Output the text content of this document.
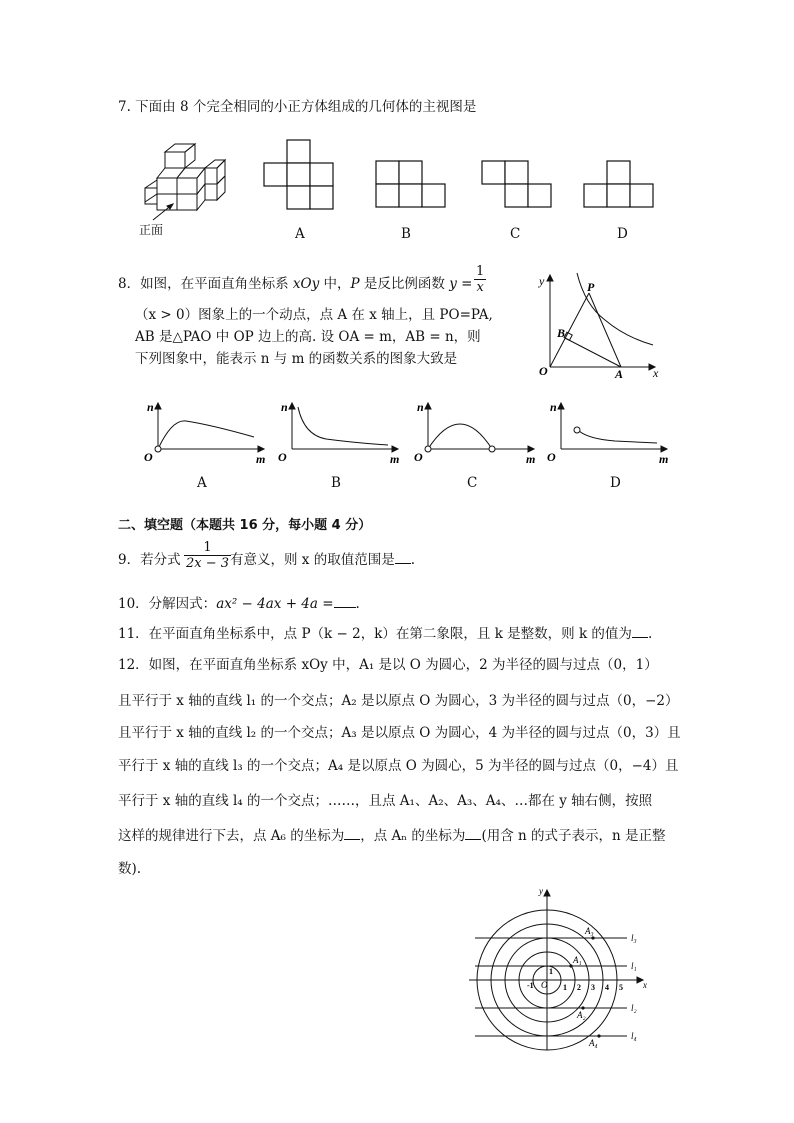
7. 下面由 8 个完全相同的小正方体组成的几何体的主视图是
正面	A	B	C	D
8．如图，在平面直角坐标系 xOy 中，P 是反比例函数 $y = \frac{1}{x}$
（x > 0）图象上的一个动点，点 A 在 x 轴上，且 PO=PA,
AB 是△PAO 中 OP 边上的高. 设 OA = m，AB = n，则
下列图象中，能表示 n 与 m 的函数关系的图象大致是
y
x
O
P
A
B
n
m
O
n
m
O
n
m
O
n
m
O
A	B	C	D
二、填空题（本题共 16 分，每小题 4 分）
9．若分式 $\frac{1}{2x - 3}$
有意义，则 x 的取值范围是 .
10．分解因式：ax² − 4ax + 4a = .
11．在平面直角坐标系中，点 P（k − 2，k）在第二象限，且 k 是整数，则 k 的值为 .
12．如图，在平面直角坐标系 xOy 中，A₁ 是以 O 为圆心，2 为半径的圆与过点（0，1）
且平行于 x 轴的直线 l₁ 的一个交点；A₂ 是以原点 O 为圆心，3 为半径的圆与过点（0，−2）
且平行于 x 轴的直线 l₂ 的一个交点；A₃ 是以原点 O 为圆心，4 为半径的圆与过点（0，3）且
平行于 x 轴的直线 l₃ 的一个交点；A₄ 是以原点 O 为圆心，5 为半径的圆与过点（0，−4）且
平行于 x 轴的直线 l₄ 的一个交点；……，且点 A₁、A₂、A₃、A₄、…都在 y 轴右侧，按照
这样的规律进行下去，点 A₆ 的坐标为 ，点 Aₙ 的坐标为 (用含 n 的式子表示，n 是正整
数).
y
x
O
l₃
l₁
l₂
l₄
A₁
A₂
A₃
A₄
1 2 3 4 5
-1
1
